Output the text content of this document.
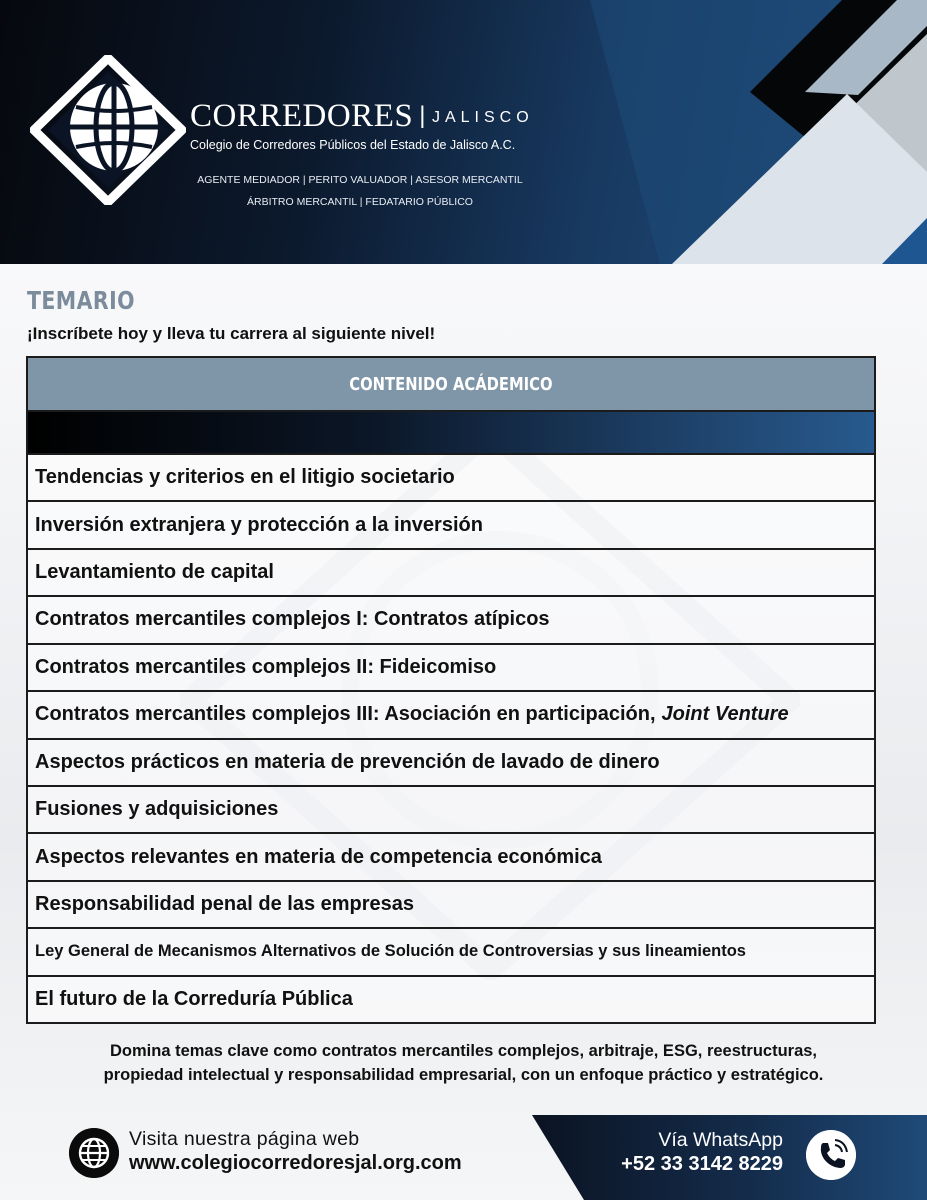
CORREDORES | JALISCO
Colegio de Corredores Públicos del Estado de Jalisco A.C.
AGENTE MEDIADOR | PERITO VALUADOR | ASESOR MERCANTIL
ÁRBITRO MERCANTIL | FEDATARIO PÚBLICO
TEMARIO
¡Inscríbete hoy y lleva tu carrera al siguiente nivel!
CONTENIDO ACÁDEMICO
Tendencias y criterios en el litigio societario
Inversión extranjera y protección a la inversión
Levantamiento de capital
Contratos mercantiles complejos I: Contratos atípicos
Contratos mercantiles complejos II: Fideicomiso
Contratos mercantiles complejos III: Asociación en participación, Joint Venture
Aspectos prácticos en materia de prevención de lavado de dinero
Fusiones y adquisiciones
Aspectos relevantes en materia de competencia económica
Responsabilidad penal de las empresas
Ley General de Mecanismos Alternativos de Solución de Controversias y sus lineamientos
El futuro de la Correduría Pública
Domina temas clave como contratos mercantiles complejos, arbitraje, ESG, reestructuras,
propiedad intelectual y responsabilidad empresarial, con un enfoque práctico y estratégico.
Visita nuestra página web
www.colegiocorredoresjal.org.com
Vía WhatsApp
+52 33 3142 8229
